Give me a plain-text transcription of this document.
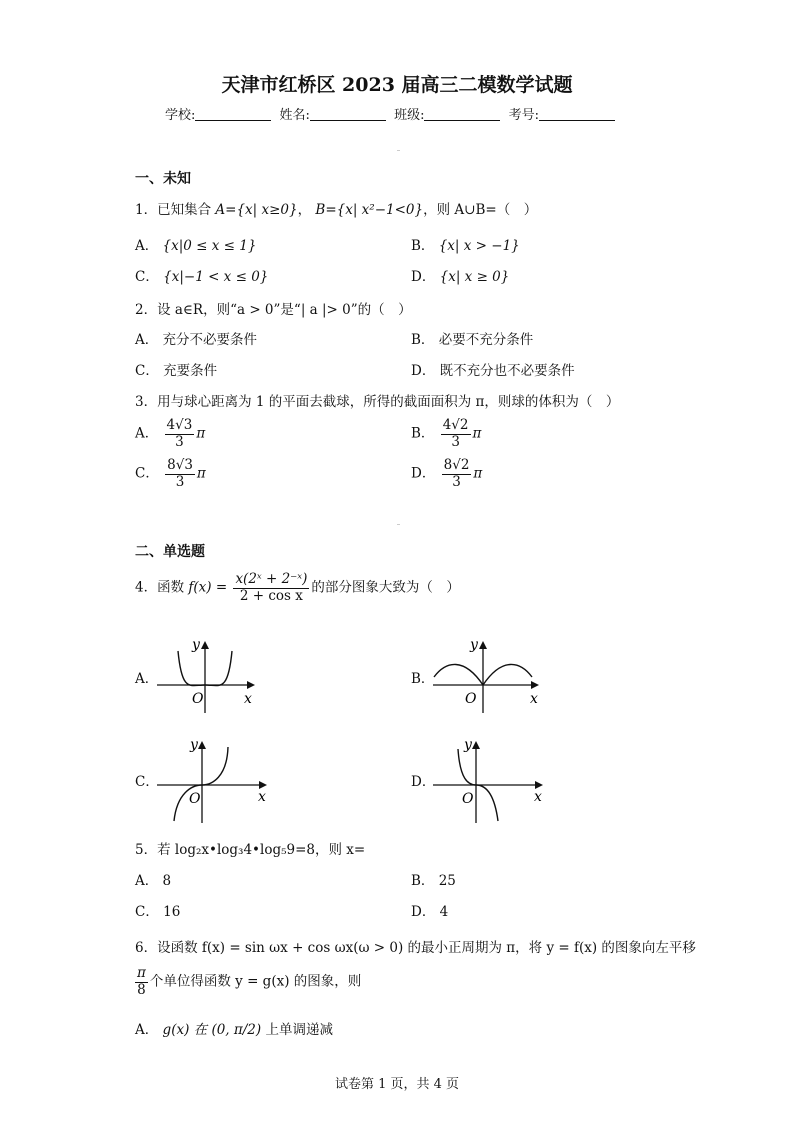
天津市红桥区 2023 届高三二模数学试题
学校:	姓名:	班级:	考号:
一、未知
1．已知集合 A={x| x≥0}， B={x| x²−1<0}，则 A∪B=（　）
A． {x|0 ≤ x ≤ 1}	B． {x| x > −1}
C． {x|−1 < x ≤ 0}	D． {x| x ≥ 0}
2．设 a∈R，则“a > 0”是“| a |> 0”的（　）
A． 充分不必要条件	B． 必要不充分条件
C． 充要条件	D． 既不充分也不必要条件
3．用与球心距离为 1 的平面去截球，所得的截面面积为 π，则球的体积为（　）
A． $\frac{4√3}{3}$ π	B． $\frac{4√2}{3}$ π
C． $\frac{8√3}{3}$ π	D． $\frac{8√2}{3}$ π
二、单选题
4．函数 $f(x) = \frac{\text{x(2ˣ + 2⁻ˣ)}}{\text{2 + cos x}}$ 的部分图象大致为（　）
A．
O	x
y
B．
O	x
y
C．
O	x
y
D．
O	x
y
5．若 log₂x•log₃4•log₅9=8，则 x=
A． 8	B． 25
C． 16	D． 4
6．设函数 f(x) = sin ωx + cos ωx(ω > 0) 的最小正周期为 π，将 y = f(x) 的图象向左平移
$\frac{\pi}{8}$ 个单位得函数 y = g(x) 的图象，则
A． g(x) 在 (0, π/2) 上单调递减
试卷第 1 页，共 4 页
